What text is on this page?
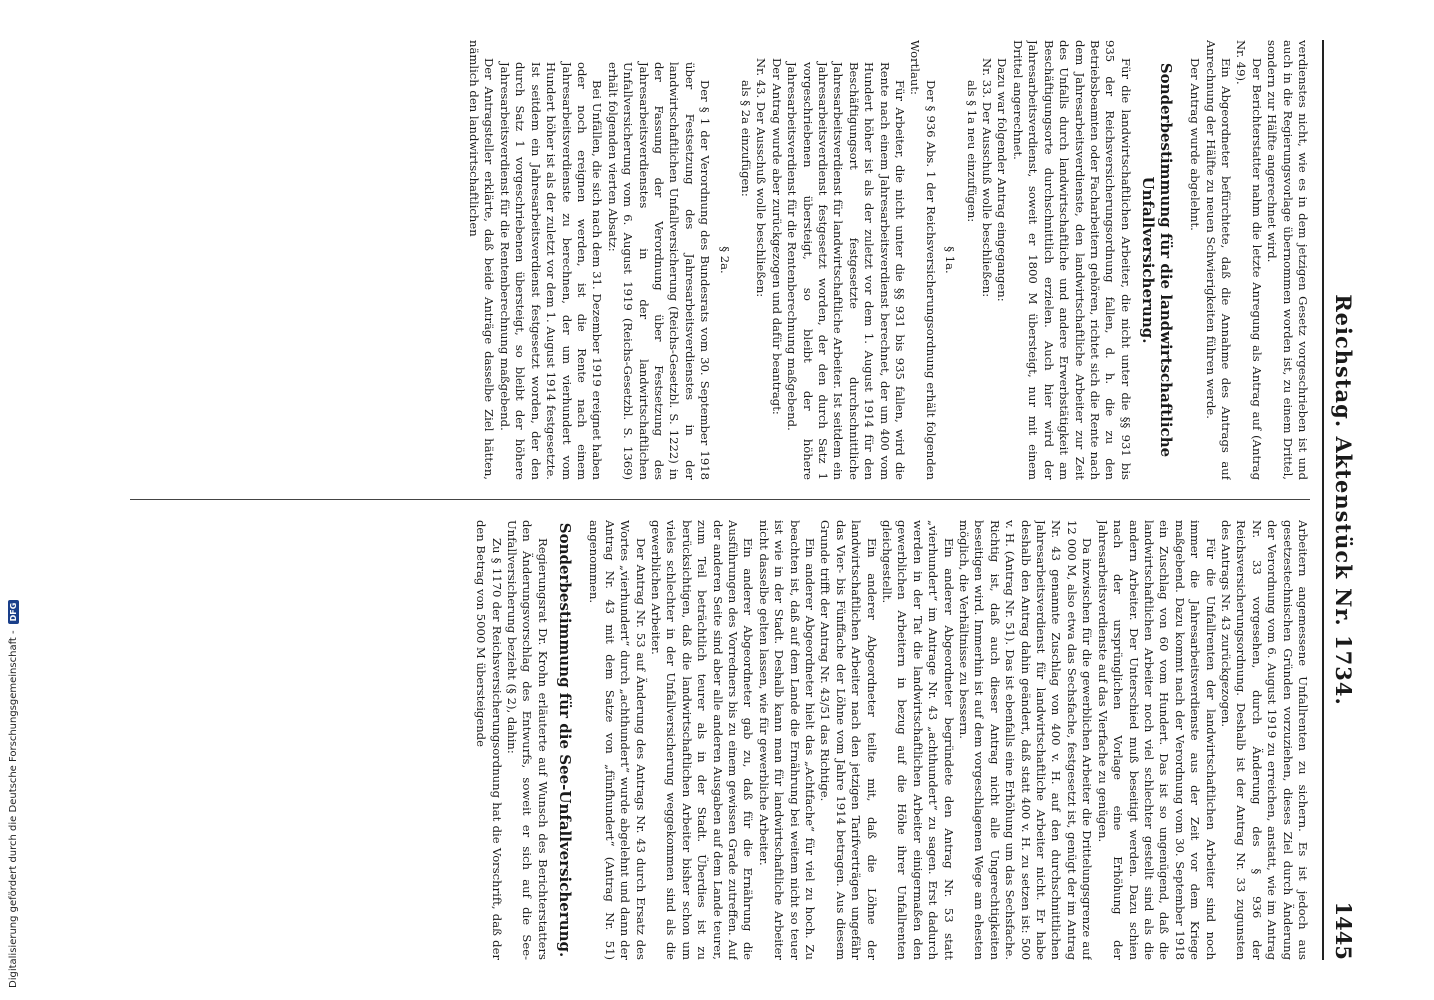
Reichstag. Aktenstück Nr. 1734.
1445

verdienstes nicht, wie es in dem jetzigen Gesetz vorgeschrieben ist und auch in die Regierungsvorlage übernommen worden ist, zu einem Drittel, sondern zur Hälfte angerechnet wird.

Der Berichterstatter nahm die letzte Anregung als Antrag auf (Antrag Nr. 49).

Ein Abgeordneter befürchtete, daß die Annahme des Antrags auf Anrechnung der Hälfte zu neuen Schwierigkeiten führen werde.

Der Antrag wurde abgelehnt.

Sonderbestimmung für die landwirtschaftliche Unfallversicherung.

Für die landwirtschaftlichen Arbeiter, die nicht unter die §§ 931 bis 935 der Reichsversicherungsordnung fallen, d. h. die zu den Betriebsbeamten oder Facharbeitern gehören, richtet sich die Rente nach dem Jahresarbeitsverdienste, den landwirtschaftliche Arbeiter zur Zeit des Unfalls durch landwirtschaftliche und andere Erwerbstätigkeit am Beschäftigungsorte durchschnittlich erzielen. Auch hier wird der Jahresarbeitsverdienst, soweit er 1800 M übersteigt, nur mit einem Drittel angerechnet.

Dazu war folgender Antrag eingegangen:

Nr. 33. Der Ausschuß wolle beschließen:

als § 1a neu einzufügen:

§ 1a.

Der § 936 Abs. 1 der Reichsversicherungsordnung erhält folgenden Wortlaut:

Für Arbeiter, die nicht unter die §§ 931 bis 935 fallen, wird die Rente nach einem Jahresarbeitsverdienst berechnet, der um 400 vom Hundert höher ist als der zuletzt vor dem 1. August 1914 für den Beschäftigungsort festgesetzte durchschnittliche Jahresarbeitsverdienst für landwirtschaftliche Arbeiter. Ist seitdem ein Jahresarbeitsverdienst festgesetzt worden, der den durch Satz 1 vorgeschriebenen übersteigt, so bleibt der höhere Jahresarbeitsverdienst für die Rentenberechnung maßgebend.

Der Antrag wurde aber zurückgezogen und dafür beantragt:

Nr. 43. Der Ausschuß wolle beschließen:

als § 2a einzufügen:

§ 2a.

Der § 1 der Verordnung des Bundesrats vom 30. September 1918 über Festsetzung des Jahresarbeitsverdienstes in der landwirtschaftlichen Unfallversicherung (Reichs-Gesetzbl. S. 1222) in der Fassung der Verordnung über Festsetzung des Jahresarbeitsverdienstes in der landwirtschaftlichen Unfallversicherung vom 6. August 1919 (Reichs-Gesetzbl. S. 1369) erhält folgenden vierten Absatz:

Bei Unfällen, die sich nach dem 31. Dezember 1919 ereignet haben oder noch ereignen werden, ist die Rente nach einem Jahresarbeitsverdienste zu berechnen, der um vierhundert vom Hundert höher ist als der zuletzt vor dem 1. August 1914 festgesetzte. Ist seitdem ein Jahresarbeitsverdienst festgesetzt worden, der den durch Satz 1 vorgeschriebenen übersteigt, so bleibt der höhere Jahresarbeitsverdienst für die Rentenberechnung maßgebend.

Der Antragsteller erklärte, daß beide Anträge dasselbe Ziel hätten, nämlich den landwirtschaftlichen

Arbeitern angemessene Unfallrenten zu sichern. Es ist jedoch aus gesetzestechnischen Gründen vorzuziehen, dieses Ziel durch Änderung der Verordnung vom 6. August 1919 zu erreichen, anstatt, wie im Antrag Nr. 33 vorgesehen, durch Änderung des § 936 der Reichsversicherungsordnung. Deshalb ist der Antrag Nr. 33 zugunsten des Antrags Nr. 43 zurückgezogen.

Für die Unfallrenten der landwirtschaftlichen Arbeiter sind noch immer die Jahresarbeitsverdienste aus der Zeit vor dem Kriege maßgebend. Dazu kommt nach der Verordnung vom 30. September 1918 ein Zuschlag von 60 vom Hundert. Das ist so ungenügend, daß die landwirtschaftlichen Arbeiter noch viel schlechter gestellt sind als die andern Arbeiter. Der Unterschied muß beseitigt werden. Dazu schien nach der ursprünglichen Vorlage eine Erhöhung der Jahresarbeitsverdienste auf das Vierfache zu genügen.

Da inzwischen für die gewerblichen Arbeiter die Drittelungsgrenze auf 12 000 M, also etwa das Sechsfache, festgesetzt ist, genügt der im Antrag Nr. 43 genannte Zuschlag von 400 v. H. auf den durchschnittlichen Jahresarbeitsverdienst für landwirtschaftliche Arbeiter nicht. Er habe deshalb den Antrag dahin geändert, daß statt 400 v. H. zu setzen ist: 500 v. H. (Antrag Nr. 51). Das ist ebenfalls eine Erhöhung um das Sechsfache. Richtig ist, daß auch dieser Antrag nicht alle Ungerechtigkeiten beseitigen wird. Immerhin ist auf dem vorgeschlagenen Wege am ehesten möglich, die Verhältnisse zu bessern.

Ein anderer Abgeordneter begründete den Antrag Nr. 53 statt „vierhundert“ im Antrage Nr. 43 „achthundert“ zu sagen. Erst dadurch werden in der Tat die landwirtschaftlichen Arbeiter einigermaßen den gewerblichen Arbeitern in bezug auf die Höhe ihrer Unfallrenten gleichgestellt.

Ein anderer Abgeordneter teilte mit, daß die Löhne der landwirtschaftlichen Arbeiter nach den jetzigen Tarifverträgen ungefähr das Vier- bis Fünffache der Löhne vom Jahre 1914 betragen. Aus diesem Grunde trifft der Antrag Nr. 43/51 das Richtige.

Ein anderer Abgeordneter hielt das „Achtfache“ für viel zu hoch. Zu beachten ist, daß auf dem Lande die Ernährung bei weitem nicht so teuer ist wie in der Stadt. Deshalb kann man für landwirtschaftliche Arbeiter nicht dasselbe gelten lassen, wie für gewerbliche Arbeiter.

Ein anderer Abgeordneter gab zu, daß für die Ernährung die Ausführungen des Vorredners bis zu einem gewissen Grade zutreffen. Auf der anderen Seite sind aber alle anderen Ausgaben auf dem Lande teurer, zum Teil beträchtlich teurer als in der Stadt. Überdies ist zu berücksichtigen, daß die landwirtschaftlichen Arbeiter bisher schon um vieles schlechter in der Unfallversicherung weggekommen sind als die gewerblichen Arbeiter.

Der Antrag Nr. 53 auf Änderung des Antrags Nr. 43 durch Ersatz des Wortes „vierhundert“ durch „achthundert“ wurde abgelehnt und dann der Antrag Nr. 43 mit dem Satze von „fünfhundert“ (Antrag Nr. 51) angenommen.

Sonderbestimmung für die See-Unfallversicherung.

Regierungsrat Dr. Krohn erläuterte auf Wunsch des Berichterstatters den Änderungsvorschlag des Entwurfs, soweit er sich auf die See-Unfallversicherung bezieht (§ 2), dahin:

Zu § 1170 der Reichsversicherungsordnung hat die Vorschrift, daß der den Betrag von 5000 M übersteigende

Digitalisierung gefördert durch die Deutsche Forschungsgemeinschaft -
DFG
